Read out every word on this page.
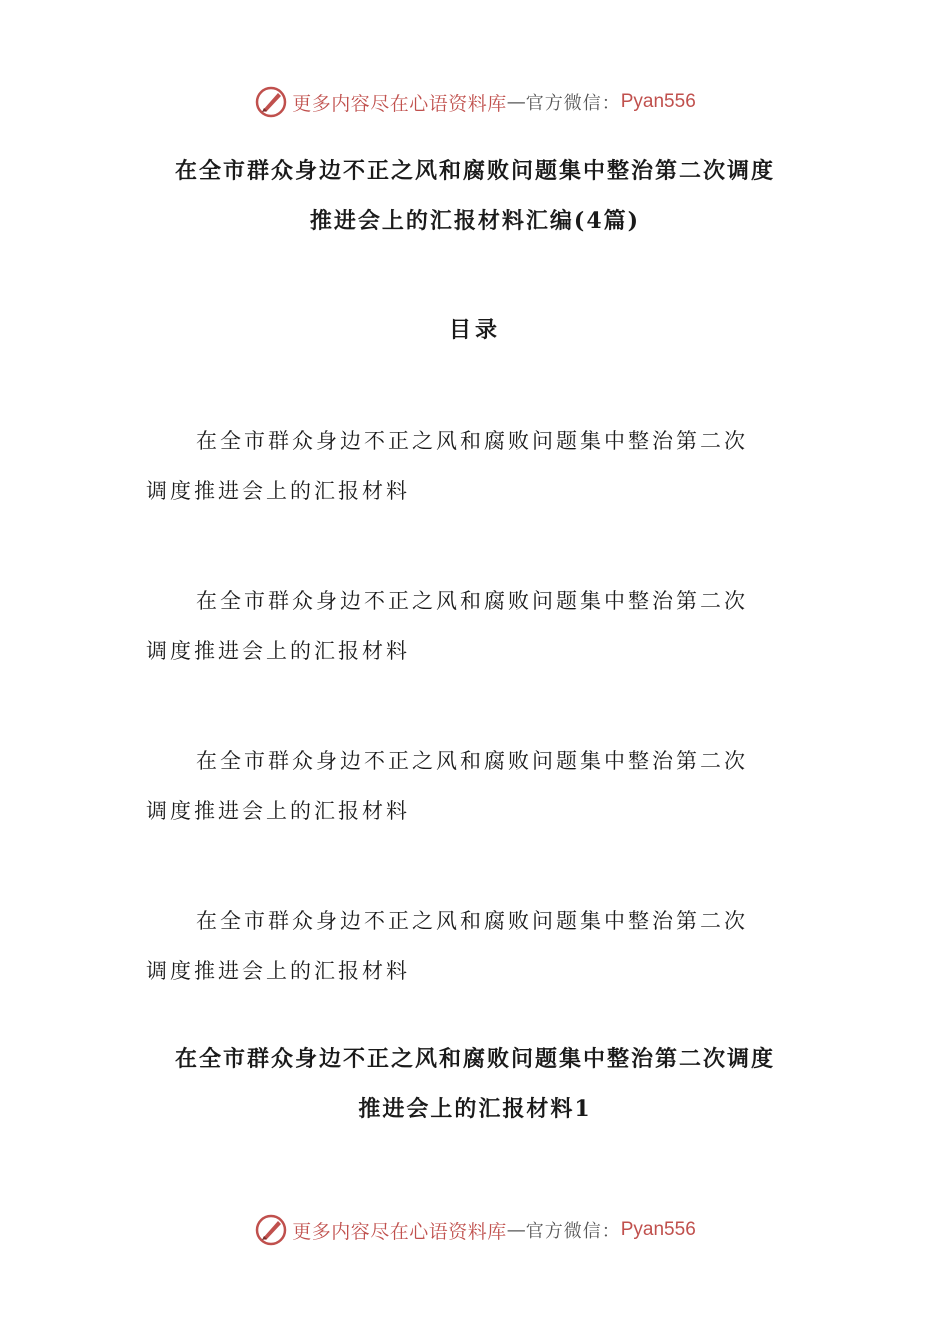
更多内容尽在心语资料库 — 官方微信： Pyan556
在全市群众身边不正之风和腐败问题集中整治第二次调度
推进会上的汇报材料汇编(4篇)
目录
在全市群众身边不正之风和腐败问题集中整治第二次
调度推进会上的汇报材料
在全市群众身边不正之风和腐败问题集中整治第二次
调度推进会上的汇报材料
在全市群众身边不正之风和腐败问题集中整治第二次
调度推进会上的汇报材料
在全市群众身边不正之风和腐败问题集中整治第二次
调度推进会上的汇报材料
在全市群众身边不正之风和腐败问题集中整治第二次调度
推进会上的汇报材料1
更多内容尽在心语资料库 — 官方微信： Pyan556
